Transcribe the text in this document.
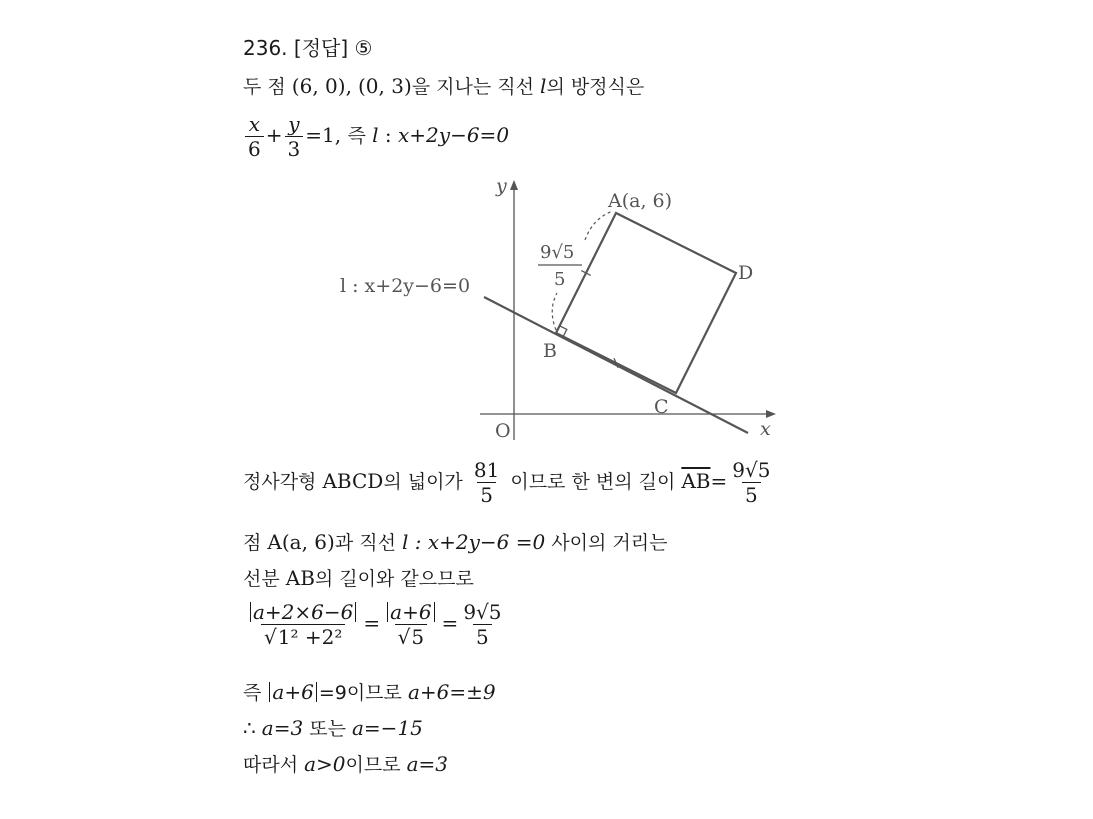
236. [정답] ⑤
두 점 (6, 0), (0, 3)을 지나는 직선 l의 방정식은
$\frac{x}{6} + \frac{y}{3} =1$, 즉 l : x+2y−6=0
y
x
O
l : x+2y−6=0
9√5
5
A(a, 6)
B
C
D
정사각형 ABCD의 넓이가 $\frac{81}{5}$ 이므로 한 변의 길이 $\overline{AB}= \frac{9√5}{5}$
점 A(a, 6)과 직선 l : x+2y−6 =0 사이의 거리는
선분 AB의 길이와 같으므로
$\frac{a+2\times 6-6}{\text{√1² +2²}} = \frac{a+6}{√5} = \frac{9√5}{5}$
즉 a+6 =9이므로 a+6=±9
∴ a=3 또는 a=−15
따라서 a>0이므로 a=3
